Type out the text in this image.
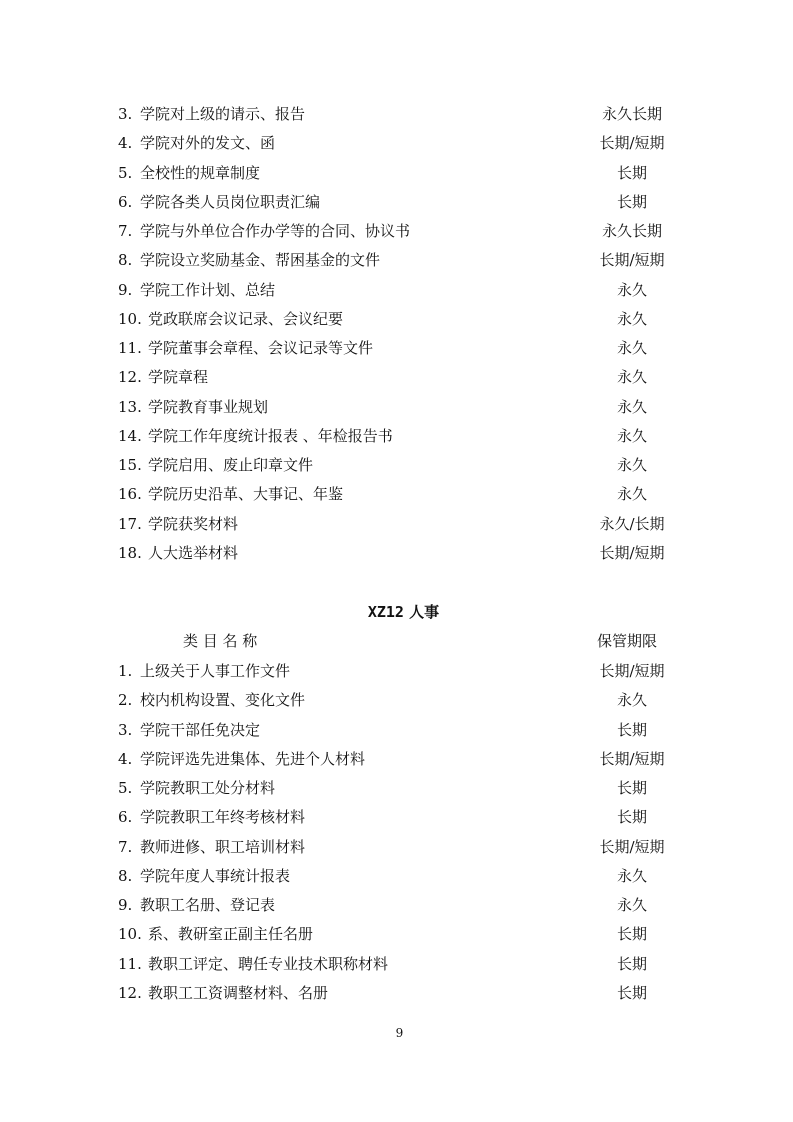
3. 学院对上级的请示、报告	永久长期
4. 学院对外的发文、函	长期/短期
5. 全校性的规章制度	长期
6. 学院各类人员岗位职责汇编	长期
7. 学院与外单位合作办学等的合同、协议书	永久长期
8. 学院设立奖励基金、帮困基金的文件	长期/短期
9. 学院工作计划、总结	永久
10. 党政联席会议记录、会议纪要	永久
11. 学院董事会章程、会议记录等文件	永久
12. 学院章程	永久
13. 学院教育事业规划	永久
14. 学院工作年度统计报表 、年检报告书	永久
15. 学院启用、废止印章文件	永久
16. 学院历史沿革、大事记、年鉴	永久
17. 学院获奖材料	永久/长期
18. 人大选举材料	长期/短期
XZ12 人事
类 目 名 称	保管期限
1. 上级关于人事工作文件	长期/短期
2. 校内机构设置、变化文件	永久
3. 学院干部任免决定	长期
4. 学院评选先进集体、先进个人材料	长期/短期
5. 学院教职工处分材料	长期
6. 学院教职工年终考核材料	长期
7. 教师进修、职工培训材料	长期/短期
8. 学院年度人事统计报表	永久
9. 教职工名册、登记表	永久
10. 系、教研室正副主任名册	长期
11. 教职工评定、聘任专业技术职称材料	长期
12. 教职工工资调整材料、名册	长期
9
